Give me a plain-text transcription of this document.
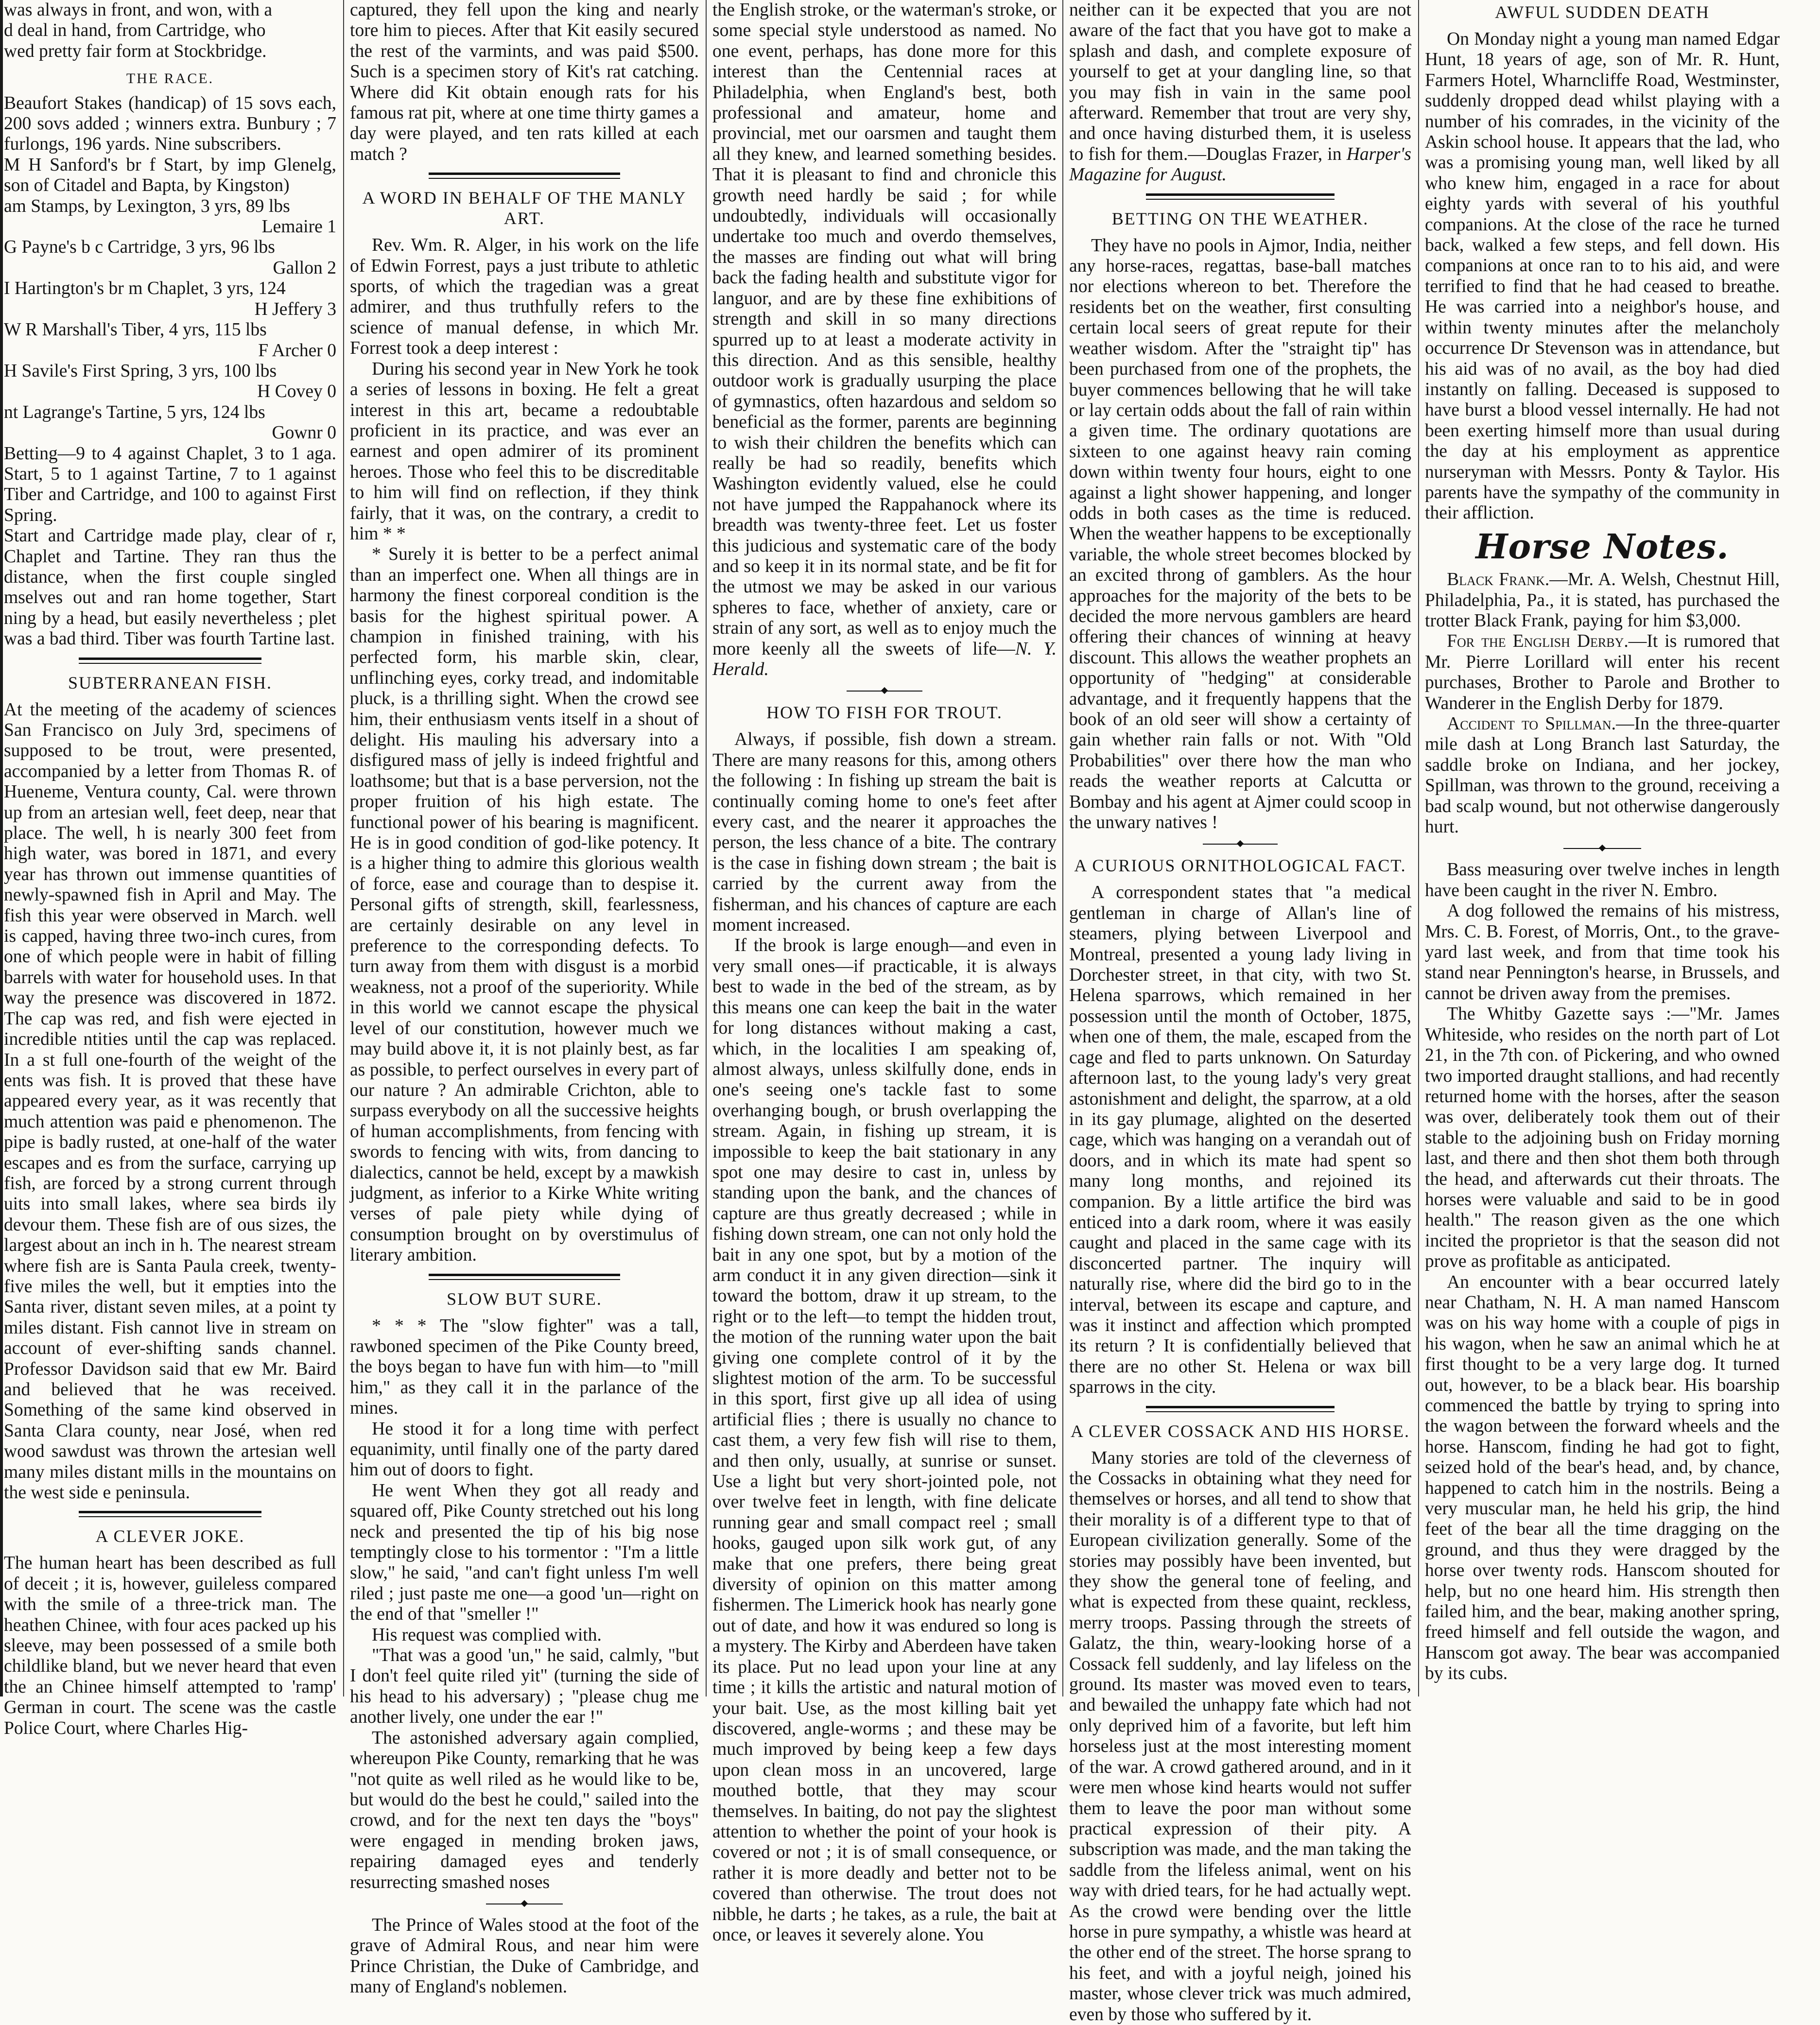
was always in front, and won, with a

d deal in hand, from Cartridge, who

wed pretty fair form at Stockbridge.

THE RACE.

Beaufort Stakes (handicap) of 15 sovs each, 200 sovs added ; winners extra. Bunbury ; 7 furlongs, 196 yards. Nine subscribers.

M H Sanford's br f Start, by imp Glenelg, son of Citadel and Bapta, by Kingston)

am Stamps, by Lexington, 3 yrs, 89 lbs

Lemaire 1

G Payne's b c Cartridge, 3 yrs, 96 lbs

Gallon 2

I Hartington's br m Chaplet, 3 yrs, 124

H Jeffery 3

W R Marshall's Tiber, 4 yrs, 115 lbs

F Archer 0

H Savile's First Spring, 3 yrs, 100 lbs

H Covey 0

nt Lagrange's Tartine, 5 yrs, 124 lbs

Gownr 0

Betting—9 to 4 against Chaplet, 3 to 1 aga. Start, 5 to 1 against Tartine, 7 to 1 against Tiber and Cartridge, and 100 to against First Spring.

Start and Cartridge made play, clear of r, Chaplet and Tartine. They ran thus the distance, when the first couple singled mselves out and ran home together, Start ning by a head, but easily nevertheless ; plet was a bad third. Tiber was fourth Tartine last.

SUBTERRANEAN FISH.

At the meeting of the academy of sciences San Francisco on July 3rd, specimens of supposed to be trout, were presented, accompanied by a letter from Thomas R. of Hueneme, Ventura county, Cal. were thrown up from an artesian well, feet deep, near that place. The well, h is nearly 300 feet from high water, was bored in 1871, and every year has thrown out immense quantities of newly-spawned fish in April and May. The fish this year were observed in March. well is capped, having three two-inch cures, from one of which people were in habit of filling barrels with water for household uses. In that way the presence was discovered in 1872. The cap was red, and fish were ejected in incredible ntities until the cap was replaced. In a st full one-fourth of the weight of the ents was fish. It is proved that these have appeared every year, as it was recently that much attention was paid e phenomenon. The pipe is badly rusted, at one-half of the water escapes and es from the surface, carrying up fish, are forced by a strong current through uits into small lakes, where sea birds ily devour them. These fish are of ous sizes, the largest about an inch in h. The nearest stream where fish are is Santa Paula creek, twenty-five miles the well, but it empties into the Santa river, distant seven miles, at a point ty miles distant. Fish cannot live in stream on account of ever-shifting sands channel. Professor Davidson said that ew Mr. Baird and believed that he was received. Something of the same kind observed in Santa Clara county, near José, when red wood sawdust was thrown the artesian well many miles distant mills in the mountains on the west side e peninsula.

A CLEVER JOKE.

The human heart has been described as full of deceit ; it is, however, guileless compared with the smile of a three-trick man. The heathen Chinee, with four aces packed up his sleeve, may been possessed of a smile both childlike bland, but we never heard that even the an Chinee himself attempted to 'ramp' German in court. The scene was the castle Police Court, where Charles Hig-

captured, they fell upon the king and nearly tore him to pieces. After that Kit easily secured the rest of the varmints, and was paid $500. Such is a specimen story of Kit's rat catching. Where did Kit obtain enough rats for his famous rat pit, where at one time thirty games a day were played, and ten rats killed at each match ?

A WORD IN BEHALF OF THE MANLY ART.

Rev. Wm. R. Alger, in his work on the life of Edwin Forrest, pays a just tribute to athletic sports, of which the tragedian was a great admirer, and thus truthfully refers to the science of manual defense, in which Mr. Forrest took a deep interest :

During his second year in New York he took a series of lessons in boxing. He felt a great interest in this art, became a redoubtable proficient in its practice, and was ever an earnest and open admirer of its prominent heroes. Those who feel this to be discreditable to him will find on reflection, if they think fairly, that it was, on the contrary, a credit to him * *

* Surely it is better to be a perfect animal than an imperfect one. When all things are in harmony the finest corporeal condition is the basis for the highest spiritual power. A champion in finished training, with his perfected form, his marble skin, clear, unflinching eyes, corky tread, and indomitable pluck, is a thrilling sight. When the crowd see him, their enthusiasm vents itself in a shout of delight. His mauling his adversary into a disfigured mass of jelly is indeed frightful and loathsome; but that is a base perversion, not the proper fruition of his high estate. The functional power of his bearing is magnificent. He is in good condition of god-like potency. It is a higher thing to admire this glorious wealth of force, ease and courage than to despise it. Personal gifts of strength, skill, fearlessness, are certainly desirable on any level in preference to the corresponding defects. To turn away from them with disgust is a morbid weakness, not a proof of the superiority. While in this world we cannot escape the physical level of our constitution, however much we may build above it, it is not plainly best, as far as possible, to perfect ourselves in every part of our nature ? An admirable Crichton, able to surpass everybody on all the successive heights of human accomplishments, from fencing with swords to fencing with wits, from dancing to dialectics, cannot be held, except by a mawkish judgment, as inferior to a Kirke White writing verses of pale piety while dying of consumption brought on by overstimulus of literary ambition.

SLOW BUT SURE.

* * * The "slow fighter" was a tall, rawboned specimen of the Pike County breed, the boys began to have fun with him—to "mill him," as they call it in the parlance of the mines.

He stood it for a long time with perfect equanimity, until finally one of the party dared him out of doors to fight.

He went When they got all ready and squared off, Pike County stretched out his long neck and presented the tip of his big nose temptingly close to his tormentor : "I'm a little slow," he said, "and can't fight unless I'm well riled ; just paste me one—a good 'un—right on the end of that "smeller !"

His request was complied with.

"That was a good 'un," he said, calmly, "but I don't feel quite riled yit" (turning the side of his head to his adversary) ; "please chug me another lively, one under the ear !"

The astonished adversary again complied, whereupon Pike County, remarking that he was "not quite as well riled as he would like to be, but would do the best he could," sailed into the crowd, and for the next ten days the "boys" were engaged in mending broken jaws, repairing damaged eyes and tenderly resurrecting smashed noses

The Prince of Wales stood at the foot of the grave of Admiral Rous, and near him were Prince Christian, the Duke of Cambridge, and many of England's noblemen.

the English stroke, or the waterman's stroke, or some special style understood as named. No one event, perhaps, has done more for this interest than the Centennial races at Philadelphia, when England's best, both professional and amateur, home and provincial, met our oarsmen and taught them all they knew, and learned something besides. That it is pleasant to find and chronicle this growth need hardly be said ; for while undoubtedly, individuals will occasionally undertake too much and overdo themselves, the masses are finding out what will bring back the fading health and substitute vigor for languor, and are by these fine exhibitions of strength and skill in so many directions spurred up to at least a moderate activity in this direction. And as this sensible, healthy outdoor work is gradually usurping the place of gymnastics, often hazardous and seldom so beneficial as the former, parents are beginning to wish their children the benefits which can really be had so readily, benefits which Washington evidently valued, else he could not have jumped the Rappahanock where its breadth was twenty-three feet. Let us foster this judicious and systematic care of the body and so keep it in its normal state, and be fit for the utmost we may be asked in our various spheres to face, whether of anxiety, care or strain of any sort, as well as to enjoy much the more keenly all the sweets of life—N. Y. Herald.

HOW TO FISH FOR TROUT.

Always, if possible, fish down a stream. There are many reasons for this, among others the following : In fishing up stream the bait is continually coming home to one's feet after every cast, and the nearer it approaches the person, the less chance of a bite. The contrary is the case in fishing down stream ; the bait is carried by the current away from the fisherman, and his chances of capture are each moment increased.

If the brook is large enough—and even in very small ones—if practicable, it is always best to wade in the bed of the stream, as by this means one can keep the bait in the water for long distances without making a cast, which, in the localities I am speaking of, almost always, unless skilfully done, ends in one's seeing one's tackle fast to some overhanging bough, or brush overlapping the stream. Again, in fishing up stream, it is impossible to keep the bait stationary in any spot one may desire to cast in, unless by standing upon the bank, and the chances of capture are thus greatly decreased ; while in fishing down stream, one can not only hold the bait in any one spot, but by a motion of the arm conduct it in any given direction—sink it toward the bottom, draw it up stream, to the right or to the left—to tempt the hidden trout, the motion of the running water upon the bait giving one complete control of it by the slightest motion of the arm. To be successful in this sport, first give up all idea of using artificial flies ; there is usually no chance to cast them, a very few fish will rise to them, and then only, usually, at sunrise or sunset. Use a light but very short-jointed pole, not over twelve feet in length, with fine delicate running gear and small compact reel ; small hooks, gauged upon silk work gut, of any make that one prefers, there being great diversity of opinion on this matter among fishermen. The Limerick hook has nearly gone out of date, and how it was endured so long is a mystery. The Kirby and Aberdeen have taken its place. Put no lead upon your line at any time ; it kills the artistic and natural motion of your bait. Use, as the most killing bait yet discovered, angle-worms ; and these may be much improved by being keep a few days upon clean moss in an uncovered, large mouthed bottle, that they may scour themselves. In baiting, do not pay the slightest attention to whether the point of your hook is covered or not ; it is of small consequence, or rather it is more deadly and better not to be covered than otherwise. The trout does not nibble, he darts ; he takes, as a rule, the bait at once, or leaves it severely alone. You

neither can it be expected that you are not aware of the fact that you have got to make a splash and dash, and complete exposure of yourself to get at your dangling line, so that you may fish in vain in the same pool afterward. Remember that trout are very shy, and once having disturbed them, it is useless to fish for them.—Douglas Frazer, in Harper's Magazine for August.

BETTING ON THE WEATHER.

They have no pools in Ajmor, India, neither any horse-races, regattas, base-ball matches nor elections whereon to bet. Therefore the residents bet on the weather, first consulting certain local seers of great repute for their weather wisdom. After the "straight tip" has been purchased from one of the prophets, the buyer commences bellowing that he will take or lay certain odds about the fall of rain within a given time. The ordinary quotations are sixteen to one against heavy rain coming down within twenty four hours, eight to one against a light shower happening, and longer odds in both cases as the time is reduced. When the weather happens to be exceptionally variable, the whole street becomes blocked by an excited throng of gamblers. As the hour approaches for the majority of the bets to be decided the more nervous gamblers are heard offering their chances of winning at heavy discount. This allows the weather prophets an opportunity of "hedging" at considerable advantage, and it frequently happens that the book of an old seer will show a certainty of gain whether rain falls or not. With "Old Probabilities" over there how the man who reads the weather reports at Calcutta or Bombay and his agent at Ajmer could scoop in the unwary natives !

A CURIOUS ORNITHOLOGICAL FACT.

A correspondent states that "a medical gentleman in charge of Allan's line of steamers, plying between Liverpool and Montreal, presented a young lady living in Dorchester street, in that city, with two St. Helena sparrows, which remained in her possession until the month of October, 1875, when one of them, the male, escaped from the cage and fled to parts unknown. On Saturday afternoon last, to the young lady's very great astonishment and delight, the sparrow, at a old in its gay plumage, alighted on the deserted cage, which was hanging on a verandah out of doors, and in which its mate had spent so many long months, and rejoined its companion. By a little artifice the bird was enticed into a dark room, where it was easily caught and placed in the same cage with its disconcerted partner. The inquiry will naturally rise, where did the bird go to in the interval, between its escape and capture, and was it instinct and affection which prompted its return ? It is confidentially believed that there are no other St. Helena or wax bill sparrows in the city.

A CLEVER COSSACK AND HIS HORSE.

Many stories are told of the cleverness of the Cossacks in obtaining what they need for themselves or horses, and all tend to show that their morality is of a different type to that of European civilization generally. Some of the stories may possibly have been invented, but they show the general tone of feeling, and what is expected from these quaint, reckless, merry troops. Passing through the streets of Galatz, the thin, weary-looking horse of a Cossack fell suddenly, and lay lifeless on the ground. Its master was moved even to tears, and bewailed the unhappy fate which had not only deprived him of a favorite, but left him horseless just at the most interesting moment of the war. A crowd gathered around, and in it were men whose kind hearts would not suffer them to leave the poor man without some practical expression of their pity. A subscription was made, and the man taking the saddle from the lifeless animal, went on his way with dried tears, for he had actually wept. As the crowd were bending over the little horse in pure sympathy, a whistle was heard at the other end of the street. The horse sprang to his feet, and with a joyful neigh, joined his master, whose clever trick was much admired, even by those who suffered by it.

AWFUL SUDDEN DEATH

On Monday night a young man named Edgar Hunt, 18 years of age, son of Mr. R. Hunt, Farmers Hotel, Wharncliffe Road, Westminster, suddenly dropped dead whilst playing with a number of his comrades, in the vicinity of the Askin school house. It appears that the lad, who was a promising young man, well liked by all who knew him, engaged in a race for about eighty yards with several of his youthful companions. At the close of the race he turned back, walked a few steps, and fell down. His companions at once ran to to his aid, and were terrified to find that he had ceased to breathe. He was carried into a neighbor's house, and within twenty minutes after the melancholy occurrence Dr Stevenson was in attendance, but his aid was of no avail, as the boy had died instantly on falling. Deceased is supposed to have burst a blood vessel internally. He had not been exerting himself more than usual during the day at his employment as apprentice nurseryman with Messrs. Ponty & Taylor. His parents have the sympathy of the community in their affliction.

Horse Notes.

Black Frank.—Mr. A. Welsh, Chestnut Hill, Philadelphia, Pa., it is stated, has purchased the trotter Black Frank, paying for him $3,000.

For the English Derby.—It is rumored that Mr. Pierre Lorillard will enter his recent purchases, Brother to Parole and Brother to Wanderer in the English Derby for 1879.

Accident to Spillman.—In the three-quarter mile dash at Long Branch last Saturday, the saddle broke on Indiana, and her jockey, Spillman, was thrown to the ground, receiving a bad scalp wound, but not otherwise dangerously hurt.

Bass measuring over twelve inches in length have been caught in the river N. Embro.

A dog followed the remains of his mistress, Mrs. C. B. Forest, of Morris, Ont., to the grave-yard last week, and from that time took his stand near Pennington's hearse, in Brussels, and cannot be driven away from the premises.

The Whitby Gazette says :—"Mr. James Whiteside, who resides on the north part of Lot 21, in the 7th con. of Pickering, and who owned two imported draught stallions, and had recently returned home with the horses, after the season was over, deliberately took them out of their stable to the adjoining bush on Friday morning last, and there and then shot them both through the head, and afterwards cut their throats. The horses were valuable and said to be in good health." The reason given as the one which incited the proprietor is that the season did not prove as profitable as anticipated.

An encounter with a bear occurred lately near Chatham, N. H. A man named Hanscom was on his way home with a couple of pigs in his wagon, when he saw an animal which he at first thought to be a very large dog. It turned out, however, to be a black bear. His boarship commenced the battle by trying to spring into the wagon between the forward wheels and the horse. Hanscom, finding he had got to fight, seized hold of the bear's head, and, by chance, happened to catch him in the nostrils. Being a very muscular man, he held his grip, the hind feet of the bear all the time dragging on the ground, and thus they were dragged by the horse over twenty rods. Hanscom shouted for help, but no one heard him. His strength then failed him, and the bear, making another spring, freed himself and fell outside the wagon, and Hanscom got away. The bear was accompanied by its cubs.
